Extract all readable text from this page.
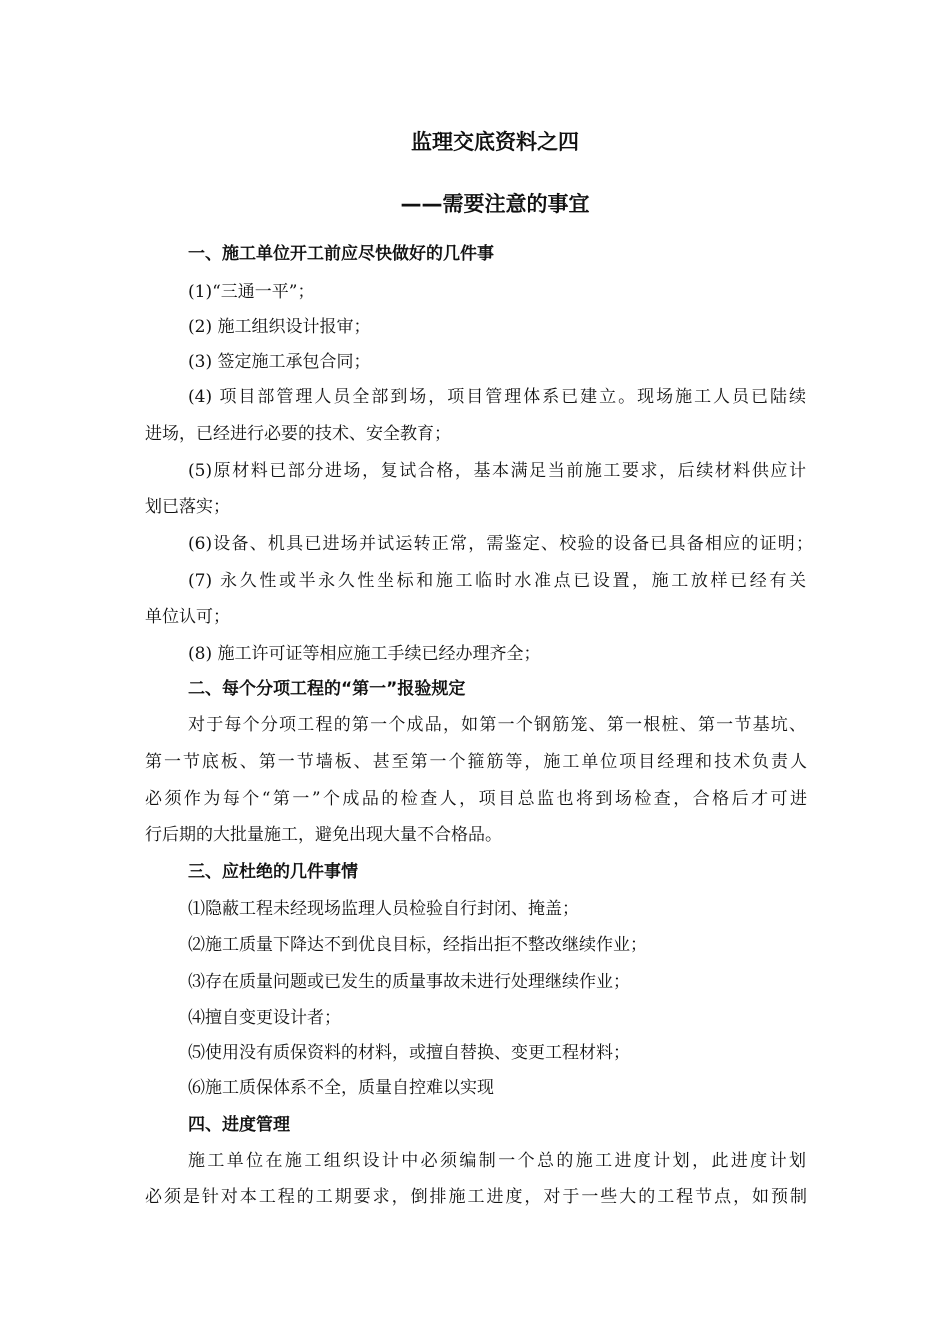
监理交底资料之四
——需要注意的事宜

一、施工单位开工前应尽快做好的几件事

(1)“三通一平”；

(2) 施工组织设计报审；

(3) 签定施工承包合同；

(4) 项目部管理人员全部到场，项目管理体系已建立。现场施工人员已陆续

进场，已经进行必要的技术、安全教育；

(5)原材料已部分进场，复试合格，基本满足当前施工要求，后续材料供应计

划已落实；

(6)设备、机具已进场并试运转正常，需鉴定、校验的设备已具备相应的证明；

(7) 永久性或半永久性坐标和施工临时水准点已设置，施工放样已经有关

单位认可；

(8) 施工许可证等相应施工手续已经办理齐全；

二、每个分项工程的“第一”报验规定

对于每个分项工程的第一个成品，如第一个钢筋笼、第一根桩、第一节基坑、

第一节底板、第一节墙板、甚至第一个箍筋等，施工单位项目经理和技术负责人

必须作为每个“第一”个成品的检查人，项目总监也将到场检查，合格后才可进

行后期的大批量施工，避免出现大量不合格品。

三、应杜绝的几件事情

⑴隐蔽工程未经现场监理人员检验自行封闭、掩盖；

⑵施工质量下降达不到优良目标，经指出拒不整改继续作业；

⑶存在质量问题或已发生的质量事故未进行处理继续作业；

⑷擅自变更设计者；

⑸使用没有质保资料的材料，或擅自替换、变更工程材料；

⑹施工质保体系不全，质量自控难以实现

四、进度管理

施工单位在施工组织设计中必须编制一个总的施工进度计划，此进度计划

必须是针对本工程的工期要求，倒排施工进度，对于一些大的工程节点，如预制
